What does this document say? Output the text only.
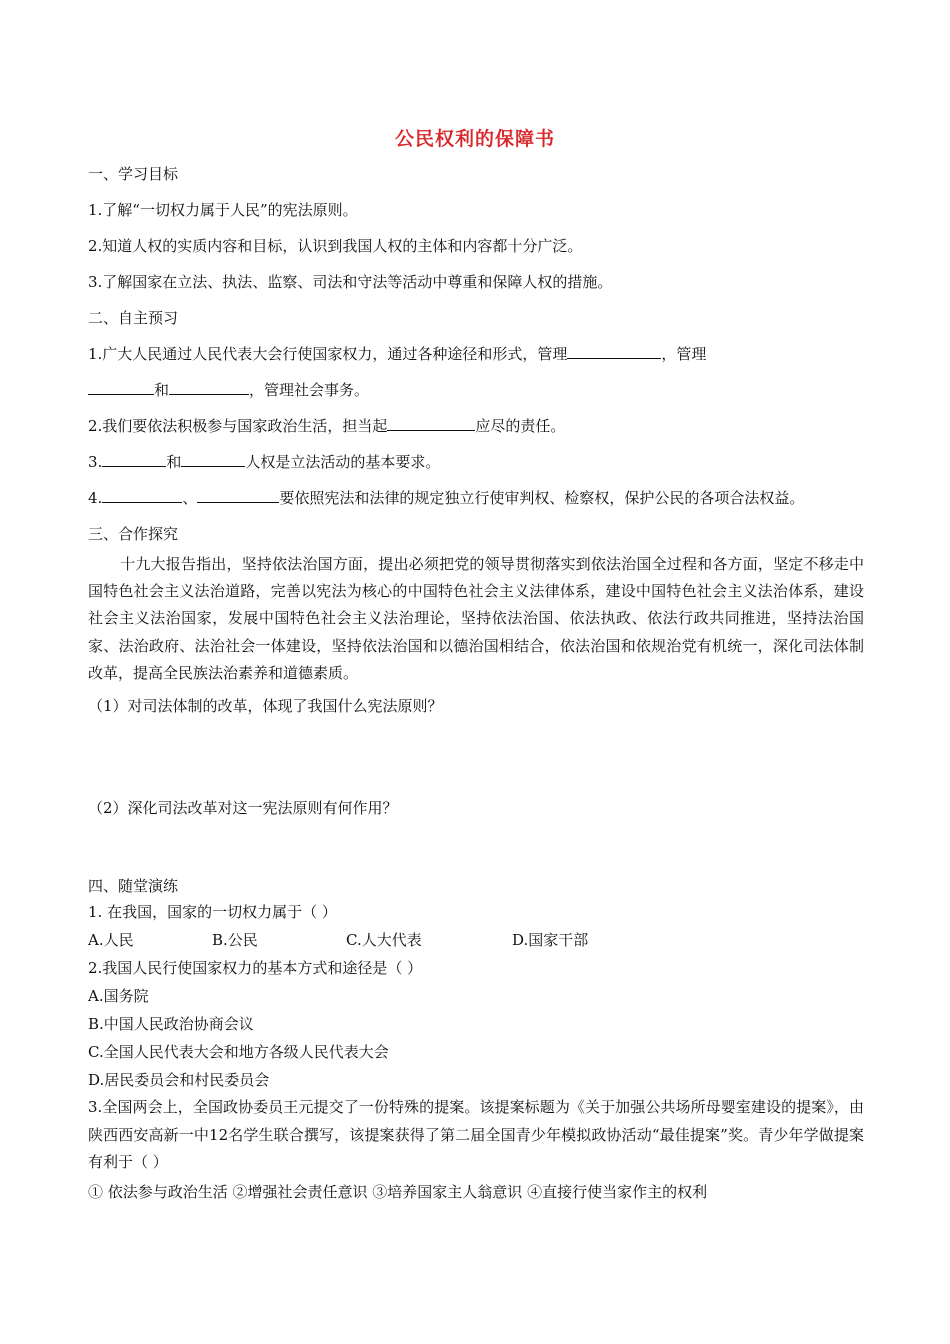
公民权利的保障书
一、学习目标
1.了解“一切权力属于人民”的宪法原则。
2.知道人权的实质内容和目标，认识到我国人权的主体和内容都十分广泛。
3.了解国家在立法、执法、监察、司法和守法等活动中尊重和保障人权的措施。
二、自主预习
1.广大人民通过人民代表大会行使国家权力，通过各种途径和形式，管理	，管理
和	，管理社会事务。
2.我们要依法积极参与国家政治生活，担当起	应尽的责任。
3.	和	人权是立法活动的基本要求。
4.	、	要依照宪法和法律的规定独立行使审判权、检察权，保护公民的各项合法权益。
三、合作探究
十九大报告指出，坚持依法治国方面，提出必须把党的领导贯彻落实到依法治国全过程和各方面，坚定不移走中国特色社会主义法治道路，完善以宪法为核心的中国特色社会主义法律体系，建设中国特色社会主义法治体系，建设社会主义法治国家，发展中国特色社会主义法治理论，坚持依法治国、依法执政、依法行政共同推进，坚持法治国家、法治政府、法治社会一体建设，坚持依法治国和以德治国相结合，依法治国和依规治党有机统一，深化司法体制改革，提高全民族法治素养和道德素质。
（1）对司法体制的改革，体现了我国什么宪法原则？
（2）深化司法改革对这一宪法原则有何作用？
四、随堂演练
1. 在我国，国家的一切权力属于（ ）
A.人民	B.公民	C.人大代表	D.国家干部
2.我国人民行使国家权力的基本方式和途径是（ ）
A.国务院
B.中国人民政治协商会议
C.全国人民代表大会和地方各级人民代表大会
D.居民委员会和村民委员会
3.全国两会上，全国政协委员王元提交了一份特殊的提案。该提案标题为《关于加强公共场所母婴室建设的提案》，由陕西西安高新一中12名学生联合撰写，该提案获得了第二届全国青少年模拟政协活动“最佳提案”奖。青少年学做提案有利于（ ）
① 依法参与政治生活 ②增强社会责任意识 ③培养国家主人翁意识 ④直接行使当家作主的权利
